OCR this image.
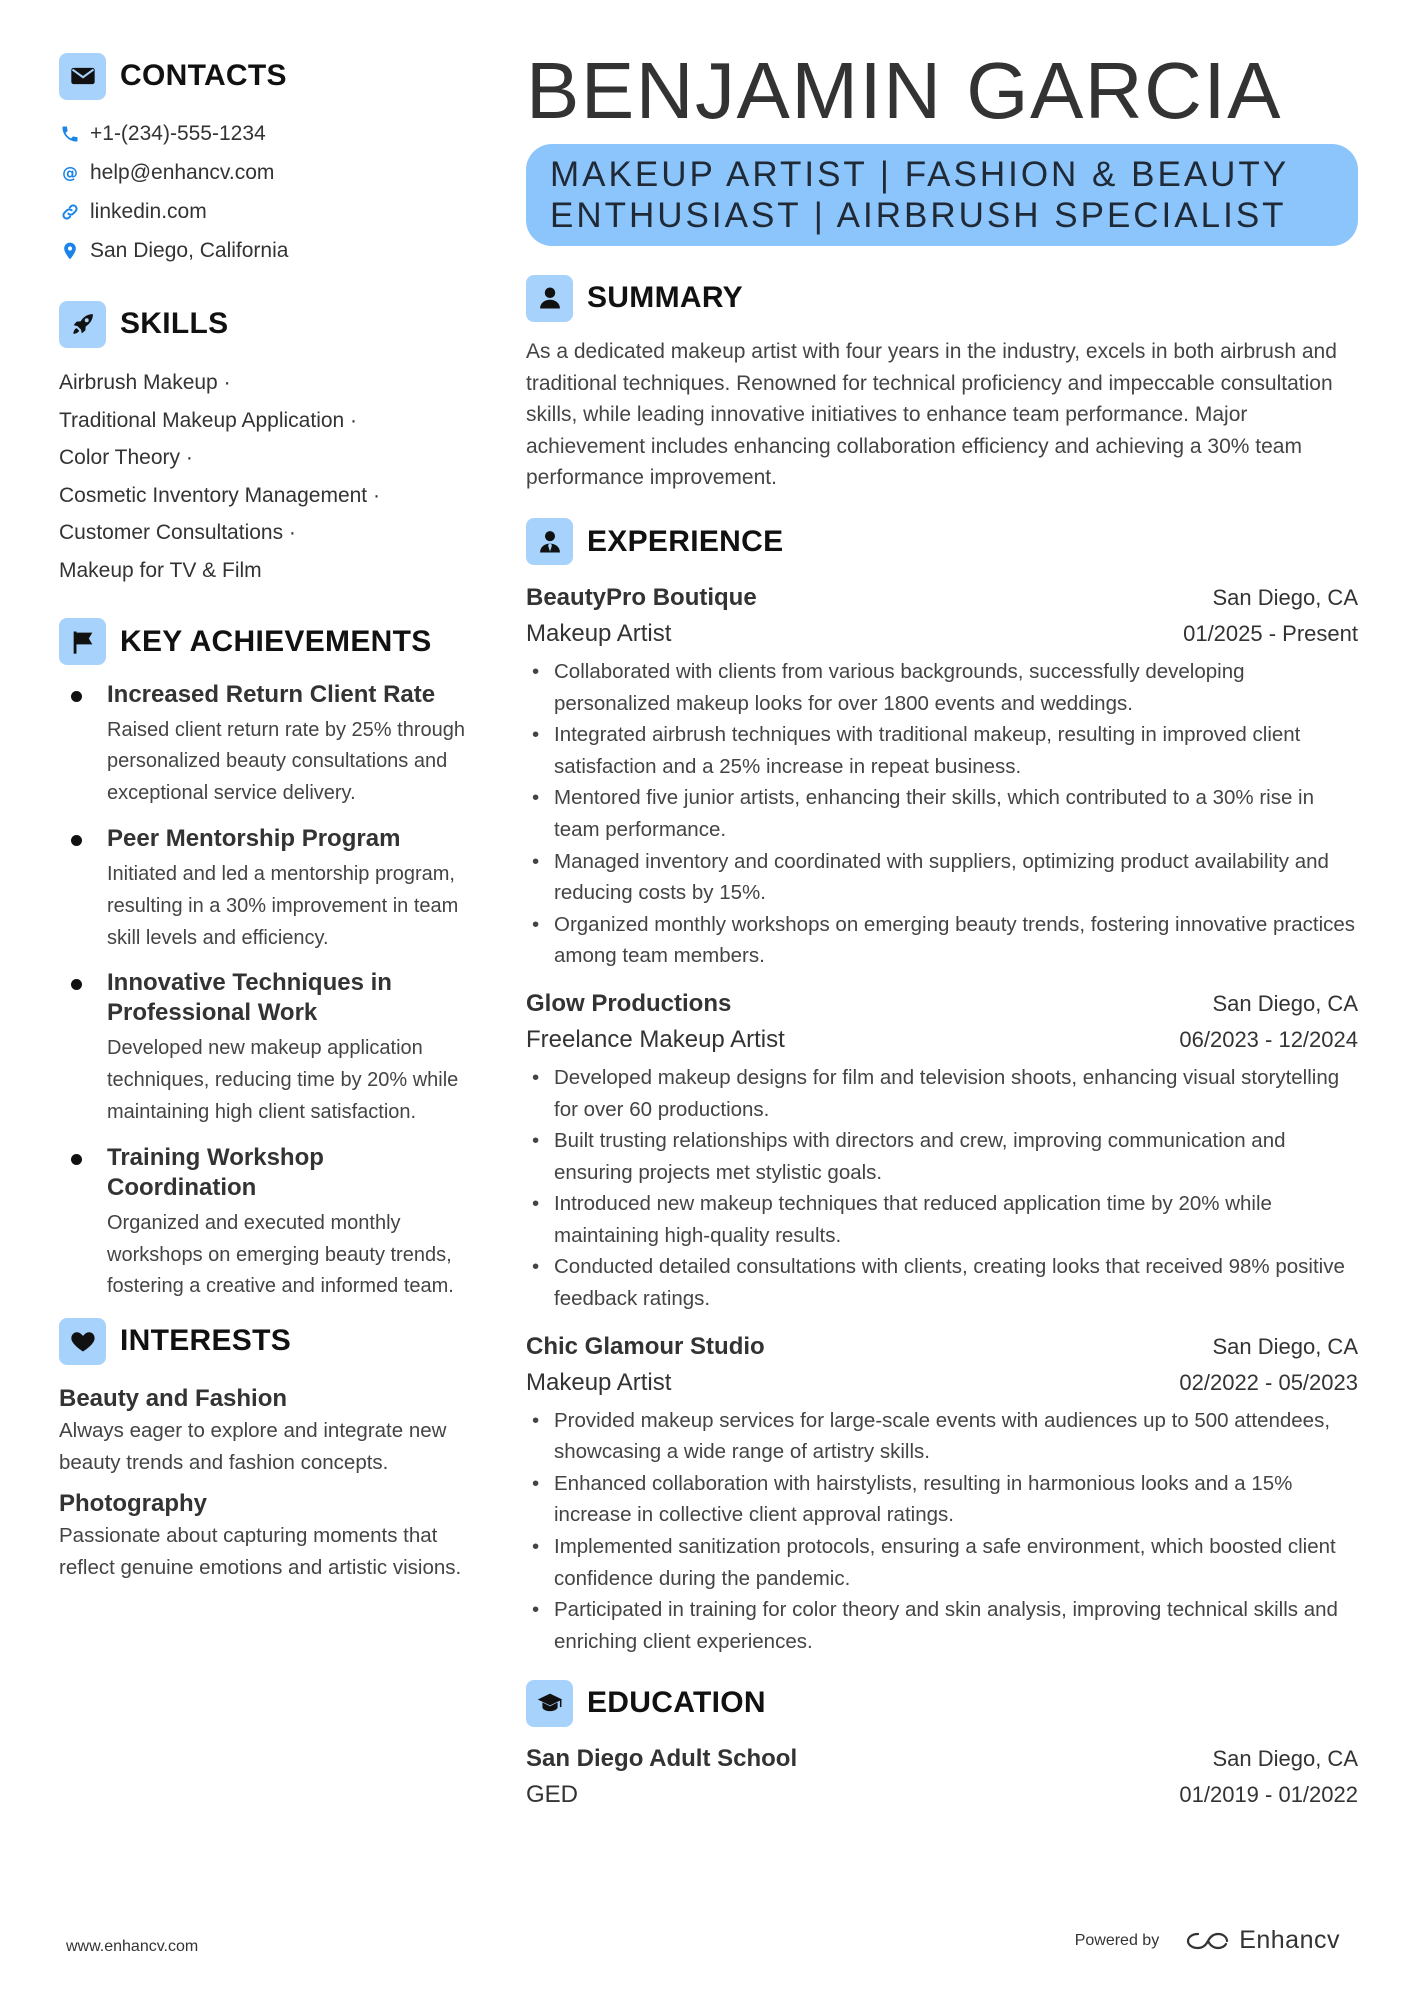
CONTACTS
+1-(234)-555-1234
@ help@enhancv.com
linkedin.com
San Diego, California
SKILLS
Airbrush Makeup ·
Traditional Makeup Application ·
Color Theory ·
Cosmetic Inventory Management ·
Customer Consultations ·
Makeup for TV & Film
KEY ACHIEVEMENTS
Increased Return Client Rate
Raised client return rate by 25% through personalized beauty consultations and exceptional service delivery.
Peer Mentorship Program
Initiated and led a mentorship program, resulting in a 30% improvement in team skill levels and efficiency.
Innovative Techniques in Professional Work
Developed new makeup application techniques, reducing time by 20% while maintaining high client satisfaction.
Training Workshop Coordination
Organized and executed monthly workshops on emerging beauty trends, fostering a creative and informed team.
INTERESTS
Beauty and Fashion
Always eager to explore and integrate new beauty trends and fashion concepts.
Photography
Passionate about capturing moments that reflect genuine emotions and artistic visions.
BENJAMIN GARCIA
MAKEUP ARTIST | FASHION & BEAUTY ENTHUSIAST | AIRBRUSH SPECIALIST
SUMMARY
As a dedicated makeup artist with four years in the industry, excels in both airbrush and traditional techniques. Renowned for technical proficiency and impeccable consultation skills, while leading innovative initiatives to enhance team performance. Major achievement includes enhancing collaboration efficiency and achieving a 30% team performance improvement.
EXPERIENCE
BeautyPro Boutique	San Diego, CA
Makeup Artist	01/2025 - Present
• Collaborated with clients from various backgrounds, successfully developing personalized makeup looks for over 1800 events and weddings.
• Integrated airbrush techniques with traditional makeup, resulting in improved client satisfaction and a 25% increase in repeat business.
• Mentored five junior artists, enhancing their skills, which contributed to a 30% rise in team performance.
• Managed inventory and coordinated with suppliers, optimizing product availability and reducing costs by 15%.
• Organized monthly workshops on emerging beauty trends, fostering innovative practices among team members.
Glow Productions	San Diego, CA
Freelance Makeup Artist	06/2023 - 12/2024
• Developed makeup designs for film and television shoots, enhancing visual storytelling for over 60 productions.
• Built trusting relationships with directors and crew, improving communication and ensuring projects met stylistic goals.
• Introduced new makeup techniques that reduced application time by 20% while maintaining high-quality results.
• Conducted detailed consultations with clients, creating looks that received 98% positive feedback ratings.
Chic Glamour Studio	San Diego, CA
Makeup Artist	02/2022 - 05/2023
• Provided makeup services for large-scale events with audiences up to 500 attendees, showcasing a wide range of artistry skills.
• Enhanced collaboration with hairstylists, resulting in harmonious looks and a 15% increase in collective client approval ratings.
• Implemented sanitization protocols, ensuring a safe environment, which boosted client confidence during the pandemic.
• Participated in training for color theory and skin analysis, improving technical skills and enriching client experiences.
EDUCATION
San Diego Adult School	San Diego, CA
GED	01/2019 - 01/2022
www.enhancv.com	Powered by	Enhancv
